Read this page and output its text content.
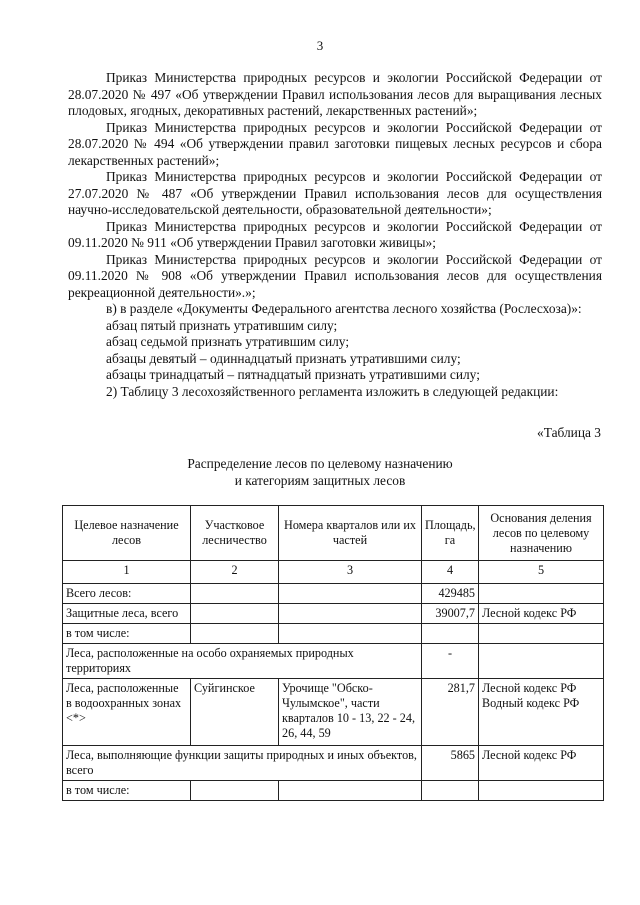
3

Приказ Министерства природных ресурсов и экологии Российской Федерации от 28.07.2020 № 497 «Об утверждении Правил использования лесов для выращивания лесных плодовых, ягодных, декоративных растений, лекарственных растений»;

Приказ Министерства природных ресурсов и экологии Российской Федерации от 28.07.2020 № 494 «Об утверждении правил заготовки пищевых лесных ресурсов и сбора лекарственных растений»;

Приказ Министерства природных ресурсов и экологии Российской Федерации от 27.07.2020 № 487 «Об утверждении Правил использования лесов для осуществления научно-исследовательской деятельности, образовательной деятельности»;

Приказ Министерства природных ресурсов и экологии Российской Федерации от 09.11.2020 № 911 «Об утверждении Правил заготовки живицы»;

Приказ Министерства природных ресурсов и экологии Российской Федерации от 09.11.2020 № 908 «Об утверждении Правил использования лесов для осуществления рекреационной деятельности».»;

в) в разделе «Документы Федерального агентства лесного хозяйства (Рослесхоза)»:

абзац пятый признать утратившим силу;

абзац седьмой признать утратившим силу;

абзацы девятый – одиннадцатый признать утратившими силу;

абзацы тринадцатый – пятнадцатый признать утратившими силу;

2) Таблицу 3 лесохозяйственного регламента изложить в следующей редакции:

«Таблица 3
Распределение лесов по целевому назначению
и категориям защитных лесов
Целевое назначение лесов	Участковое лесничество	Номера кварталов или их частей	Площадь, га	Основания деления лесов по целевому назначению
1	2	3	4	5
Всего лесов:			429485	
Защитные леса, всего			39007,7	Лесной кодекс РФ
в том числе:				
Леса, расположенные на особо охраняемых природных территориях			-	
Леса, расположенные в водоохранных зонах <*>	Суйгинское	Урочище "Обско-Чулымское", части кварталов 10 - 13, 22 - 24, 26, 44, 59	281,7	Лесной кодекс РФ Водный кодекс РФ
Леса, выполняющие функции защиты природных и иных объектов, всего			5865	Лесной кодекс РФ
в том числе:				
